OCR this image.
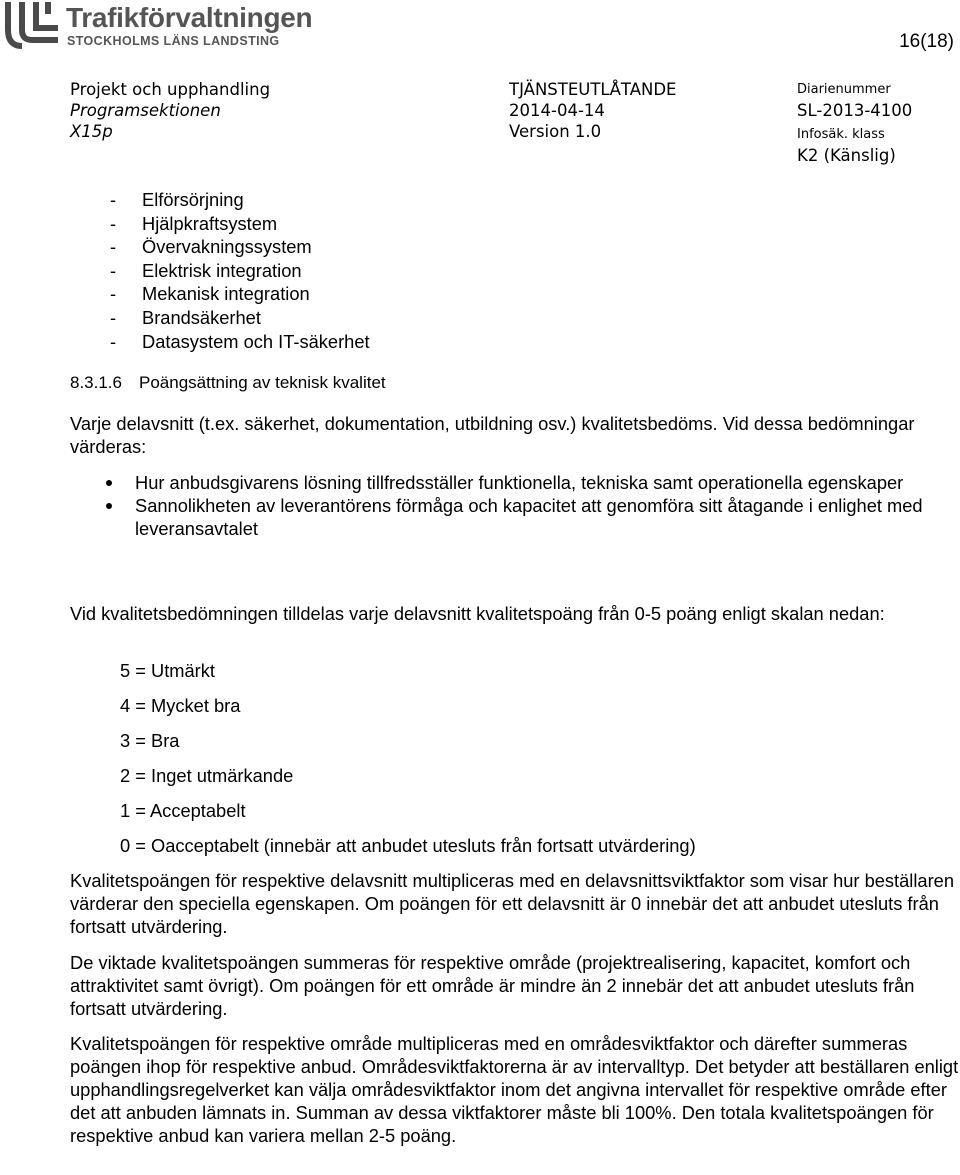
Trafikförvaltningen
STOCKHOLMS LÄNS LANDSTING	16(18)
Projekt och upphandling
Programsektionen
X15p
TJÄNSTEUTLÅTANDE
2014-04-14
Version 1.0
Diarienummer
SL-2013-4100
Infosäk. klass
K2 (Känslig)
- Elförsörjning
- Hjälpkraftsystem
- Övervakningssystem
- Elektrisk integration
- Mekanisk integration
- Brandsäkerhet
- Datasystem och IT-säkerhet
8.3.1.6 Poängsättning av teknisk kvalitet

Varje delavsnitt (t.ex. säkerhet, dokumentation, utbildning osv.) kvalitetsbedöms. Vid dessa bedömningar värderas:

Hur anbudsgivarens lösning tillfredsställer funktionella, tekniska samt operationella egenskaper
Sannolikheten av leverantörens förmåga och kapacitet att genomföra sitt åtagande i enlighet med leveransavtalet

Vid kvalitetsbedömningen tilldelas varje delavsnitt kvalitetspoäng från 0-5 poäng enligt skalan nedan:

5 = Utmärkt
4 = Mycket bra
3 = Bra
2 = Inget utmärkande
1 = Acceptabelt
0 = Oacceptabelt (innebär att anbudet utesluts från fortsatt utvärdering)

Kvalitetspoängen för respektive delavsnitt multipliceras med en delavsnittsviktfaktor som visar hur beställaren värderar den speciella egenskapen. Om poängen för ett delavsnitt är 0 innebär det att anbudet utesluts från fortsatt utvärdering.

De viktade kvalitetspoängen summeras för respektive område (projektrealisering, kapacitet, komfort och attraktivitet samt övrigt). Om poängen för ett område är mindre än 2 innebär det att anbudet utesluts från fortsatt utvärdering.

Kvalitetspoängen för respektive område multipliceras med en områdesviktfaktor och därefter summeras poängen ihop för respektive anbud. Områdesviktfaktorerna är av intervalltyp. Det betyder att beställaren enligt upphandlingsregelverket kan välja områdesviktfaktor inom det angivna intervallet för respektive område efter det att anbuden lämnats in. Summan av dessa viktfaktorer måste bli 100%. Den totala kvalitetspoängen för respektive anbud kan variera mellan 2-5 poäng.
